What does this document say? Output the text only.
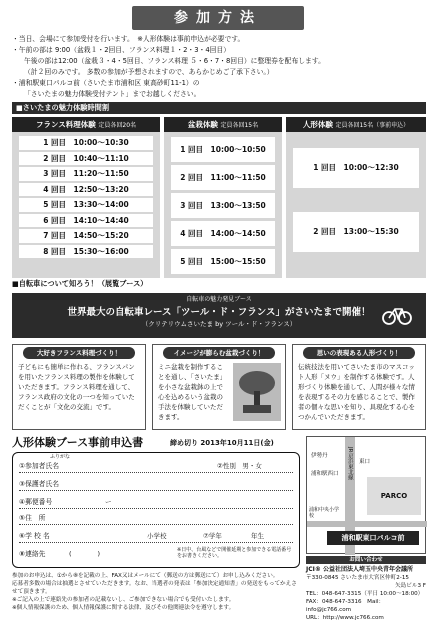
参加方法
・当日、会場にて参加受付を行います。　※人形体験は事前申込が必要です。
・午前の部は 9:00（盆栽１・2回目、フランス料理１・2・3・4回目）
午後の部は12:00（盆栽３・4・5回目、フランス料理 ５・6・7・8回目）に整理券を配布します。
（計２回のみです。 多数の参加が予想されますので、あらかじめご了承下さい。）
・浦和駅東口パルコ前（さいたま市浦和区 東高砂町11-1）の
「さいたまの魅力体験受付テント」までお越しください。
■さいたまの魅力体験時間割
フランス料理体験 定員各回20名
1 回目　10:00〜10:30
2 回目　10:40〜11:10
3 回目　11:20〜11:50
4 回目　12:50〜13:20
5 回目　13:30〜14:00
6 回目　14:10〜14:40
7 回目　14:50〜15:20
8 回目　15:30〜16:00
盆栽体験 定員各回15名
1 回目　10:00〜10:50
2 回目　11:00〜11:50
3 回目　13:00〜13:50
4 回目　14:00〜14:50
5 回目　15:00〜15:50
人形体験 定員各回15名（事前申込）
1 回目　10:00〜12:30
2 回目　13:00〜15:30
■自転車について知ろう！（展覧ブース）
自転車の魅力発見ブース
世界最大の自転車レース「ツール・ド・フランス」がさいたまで開催！
（クリテリウムさいたま by ツール・ド・フランス）
大好きフランス料理づくり！
子どもにも簡単に作れる、フランスパンを用いたフランス料理の製作を体験していただきます。フランス料理を通して、フランス政府の文化の一つを知っていただくことが「文化の交流」です。
イメージが膨らむ盆栽づくり！
ミニ盆栽を制作することを通し、「さいたま」を小さな盆栽鉢の上で心を込めるいう盆栽の手法を体験していただきます。
思いの表現ある人形づくり！
伝統技法を用いてさいたま市のマスコット人形「ヌウ」を制作する体験です。人形づくり体験を通して、人間が様々な情を表現するその力を感じることで、製作者の個々な思いを知り、具現化する心をつかんでいただきます。
人形体験ブース事前申込書	締め切り 2013年10月11日(金)
ふりがな
①参加者氏名	②性別　男・女
③保護者氏名
④郵便番号	ー
⑤住　所
⑥学 校 名	小学校	⑦学年	年生
⑧連絡先	(　　　　)	※日中、台風などで開催延期と参加できる電話番号をお書きください。
参加のお申込は、①から⑧を記載の上、FAX又はメールにて（郵送の方は郵送にて）お申し込みください。
応募者多数の場合は抽選とさせていただきます。なお、当選者の発表は「参加決定通知書」の発送をもってかえさせて頂きます。
※ご記入の上で連絡先の参加者の記載ないし、ご参加できない場合でも受付いたします。
※個人情報保護のため、個人情報保護に関する法律、及びその他関連法令を遵守します。
JR京浜東北線
伊勢丹
浦和駅西口
東口
浦和中央小学校
PARCO
浦和駅東口パルコ前
お問い合わせ
JCI® 公益社団法人埼玉中央青年会議所
〒330-0845 さいたま市大宮区仲町2-15
矢島ビル3 F
TEL：048-647-3315（平日 10:00〜18:00）
FAX：048-647-3316　Mail：info@jc766.com
URL：http://www.jc766.com
